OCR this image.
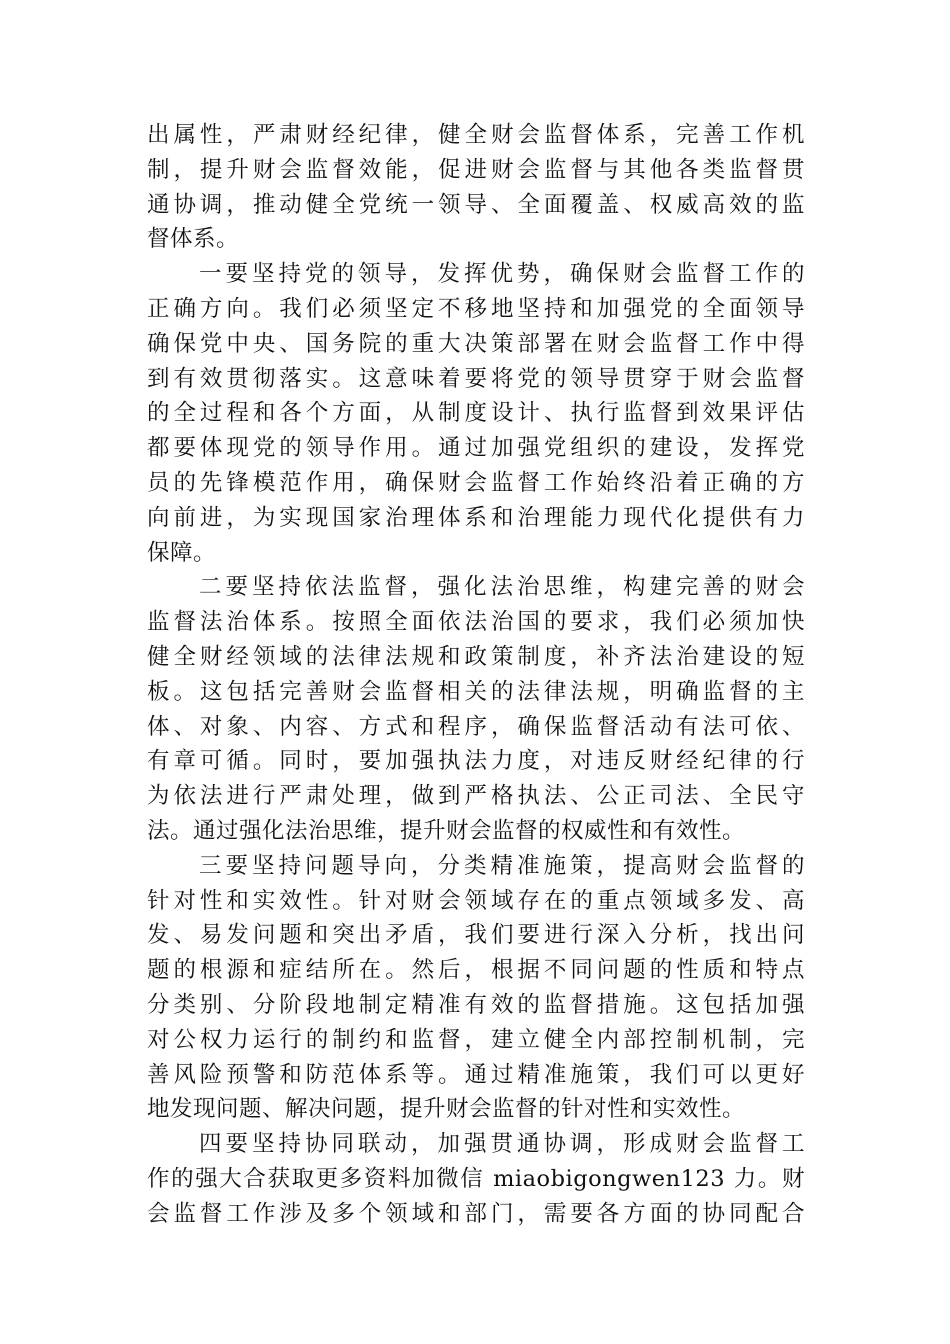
出属性，严肃财经纪律，健全财会监督体系，完善工作机
制，提升财会监督效能，促进财会监督与其他各类监督贯
通协调，推动健全党统一领导、全面覆盖、权威高效的监
督体系。
一要坚持党的领导，发挥优势，确保财会监督工作的
正确方向。我们必须坚定不移地坚持和加强党的全面领导
确保党中央、国务院的重大决策部署在财会监督工作中得
到有效贯彻落实。这意味着要将党的领导贯穿于财会监督
的全过程和各个方面，从制度设计、执行监督到效果评估
都要体现党的领导作用。通过加强党组织的建设，发挥党
员的先锋模范作用，确保财会监督工作始终沿着正确的方
向前进，为实现国家治理体系和治理能力现代化提供有力
保障。
二要坚持依法监督，强化法治思维，构建完善的财会
监督法治体系。按照全面依法治国的要求，我们必须加快
健全财经领域的法律法规和政策制度，补齐法治建设的短
板。这包括完善财会监督相关的法律法规，明确监督的主
体、对象、内容、方式和程序，确保监督活动有法可依、
有章可循。同时，要加强执法力度，对违反财经纪律的行
为依法进行严肃处理，做到严格执法、公正司法、全民守
法。通过强化法治思维，提升财会监督的权威性和有效性。
三要坚持问题导向，分类精准施策，提高财会监督的
针对性和实效性。针对财会领域存在的重点领域多发、高
发、易发问题和突出矛盾，我们要进行深入分析，找出问
题的根源和症结所在。然后，根据不同问题的性质和特点
分类别、分阶段地制定精准有效的监督措施。这包括加强
对公权力运行的制约和监督，建立健全内部控制机制，完
善风险预警和防范体系等。通过精准施策，我们可以更好
地发现问题、解决问题，提升财会监督的针对性和实效性。
四要坚持协同联动，加强贯通协调，形成财会监督工
作的强大合获取更多资料加微信 miaobigongwen123 力。财
会监督工作涉及多个领域和部门，需要各方面的协同配合
